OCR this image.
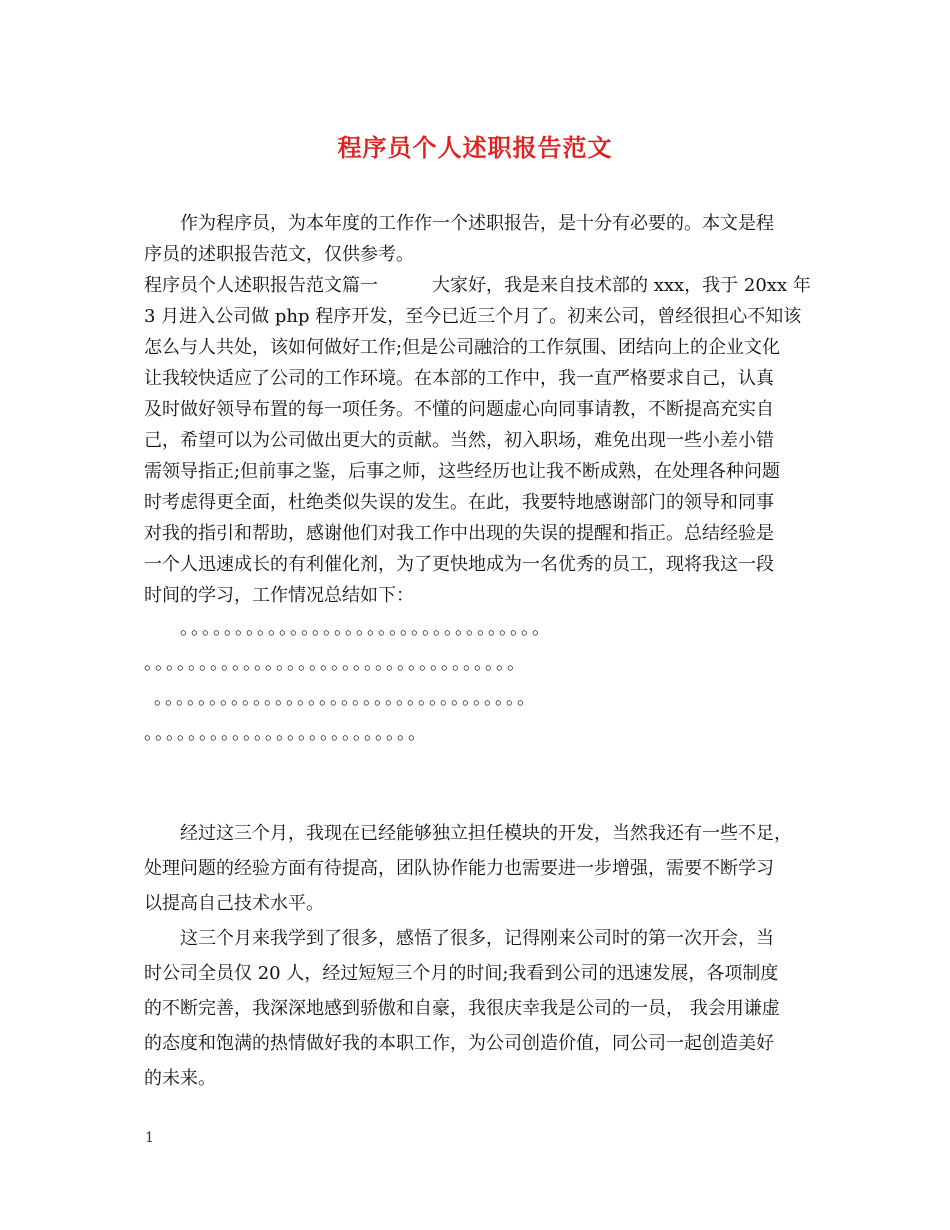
程序员个人述职报告范文
作为程序员，为本年度的工作作一个述职报告，是十分有必要的。本文是程
序员的述职报告范文，仅供参考。
程序员个人述职报告范文篇一　　　大家好，我是来自技术部的 xxx，我于 20xx 年
3 月进入公司做 php 程序开发，至今已近三个月了。初来公司，曾经很担心不知该
怎么与人共处，该如何做好工作;但是公司融洽的工作氛围、团结向上的企业文化
让我较快适应了公司的工作环境。在本部的工作中，我一直严格要求自己，认真
及时做好领导布置的每一项任务。不懂的问题虚心向同事请教，不断提高充实自
己，希望可以为公司做出更大的贡献。当然，初入职场，难免出现一些小差小错
需领导指正;但前事之鉴，后事之师，这些经历也让我不断成熟，在处理各种问题
时考虑得更全面，杜绝类似失误的发生。在此，我要特地感谢部门的领导和同事
对我的指引和帮助，感谢他们对我工作中出现的失误的提醒和指正。总结经验是
一个人迅速成长的有利催化剂，为了更快地成为一名优秀的员工，现将我这一段
时间的学习，工作情况总结如下：
。。。。。。。。。。。。。。。。。。。。。。。。。。。。。。。。。
。。。。。。。。。。。。。。。。。。。。。。。。。。。。。。。。。。
。。。。。。。。。。。。。。。。。。。。。。。。。。。。。。。。。。
。。。。。。。。。。。。。。。。。。。。。。。。。
经过这三个月，我现在已经能够独立担任模块的开发，当然我还有一些不足，
处理问题的经验方面有待提高，团队协作能力也需要进一步增强，需要不断学习
以提高自己技术水平。
这三个月来我学到了很多，感悟了很多，记得刚来公司时的第一次开会，当
时公司全员仅 20 人，经过短短三个月的时间;我看到公司的迅速发展，各项制度
的不断完善，我深深地感到骄傲和自豪，我很庆幸我是公司的一员， 我会用谦虚
的态度和饱满的热情做好我的本职工作，为公司创造价值，同公司一起创造美好
的未来。
1
